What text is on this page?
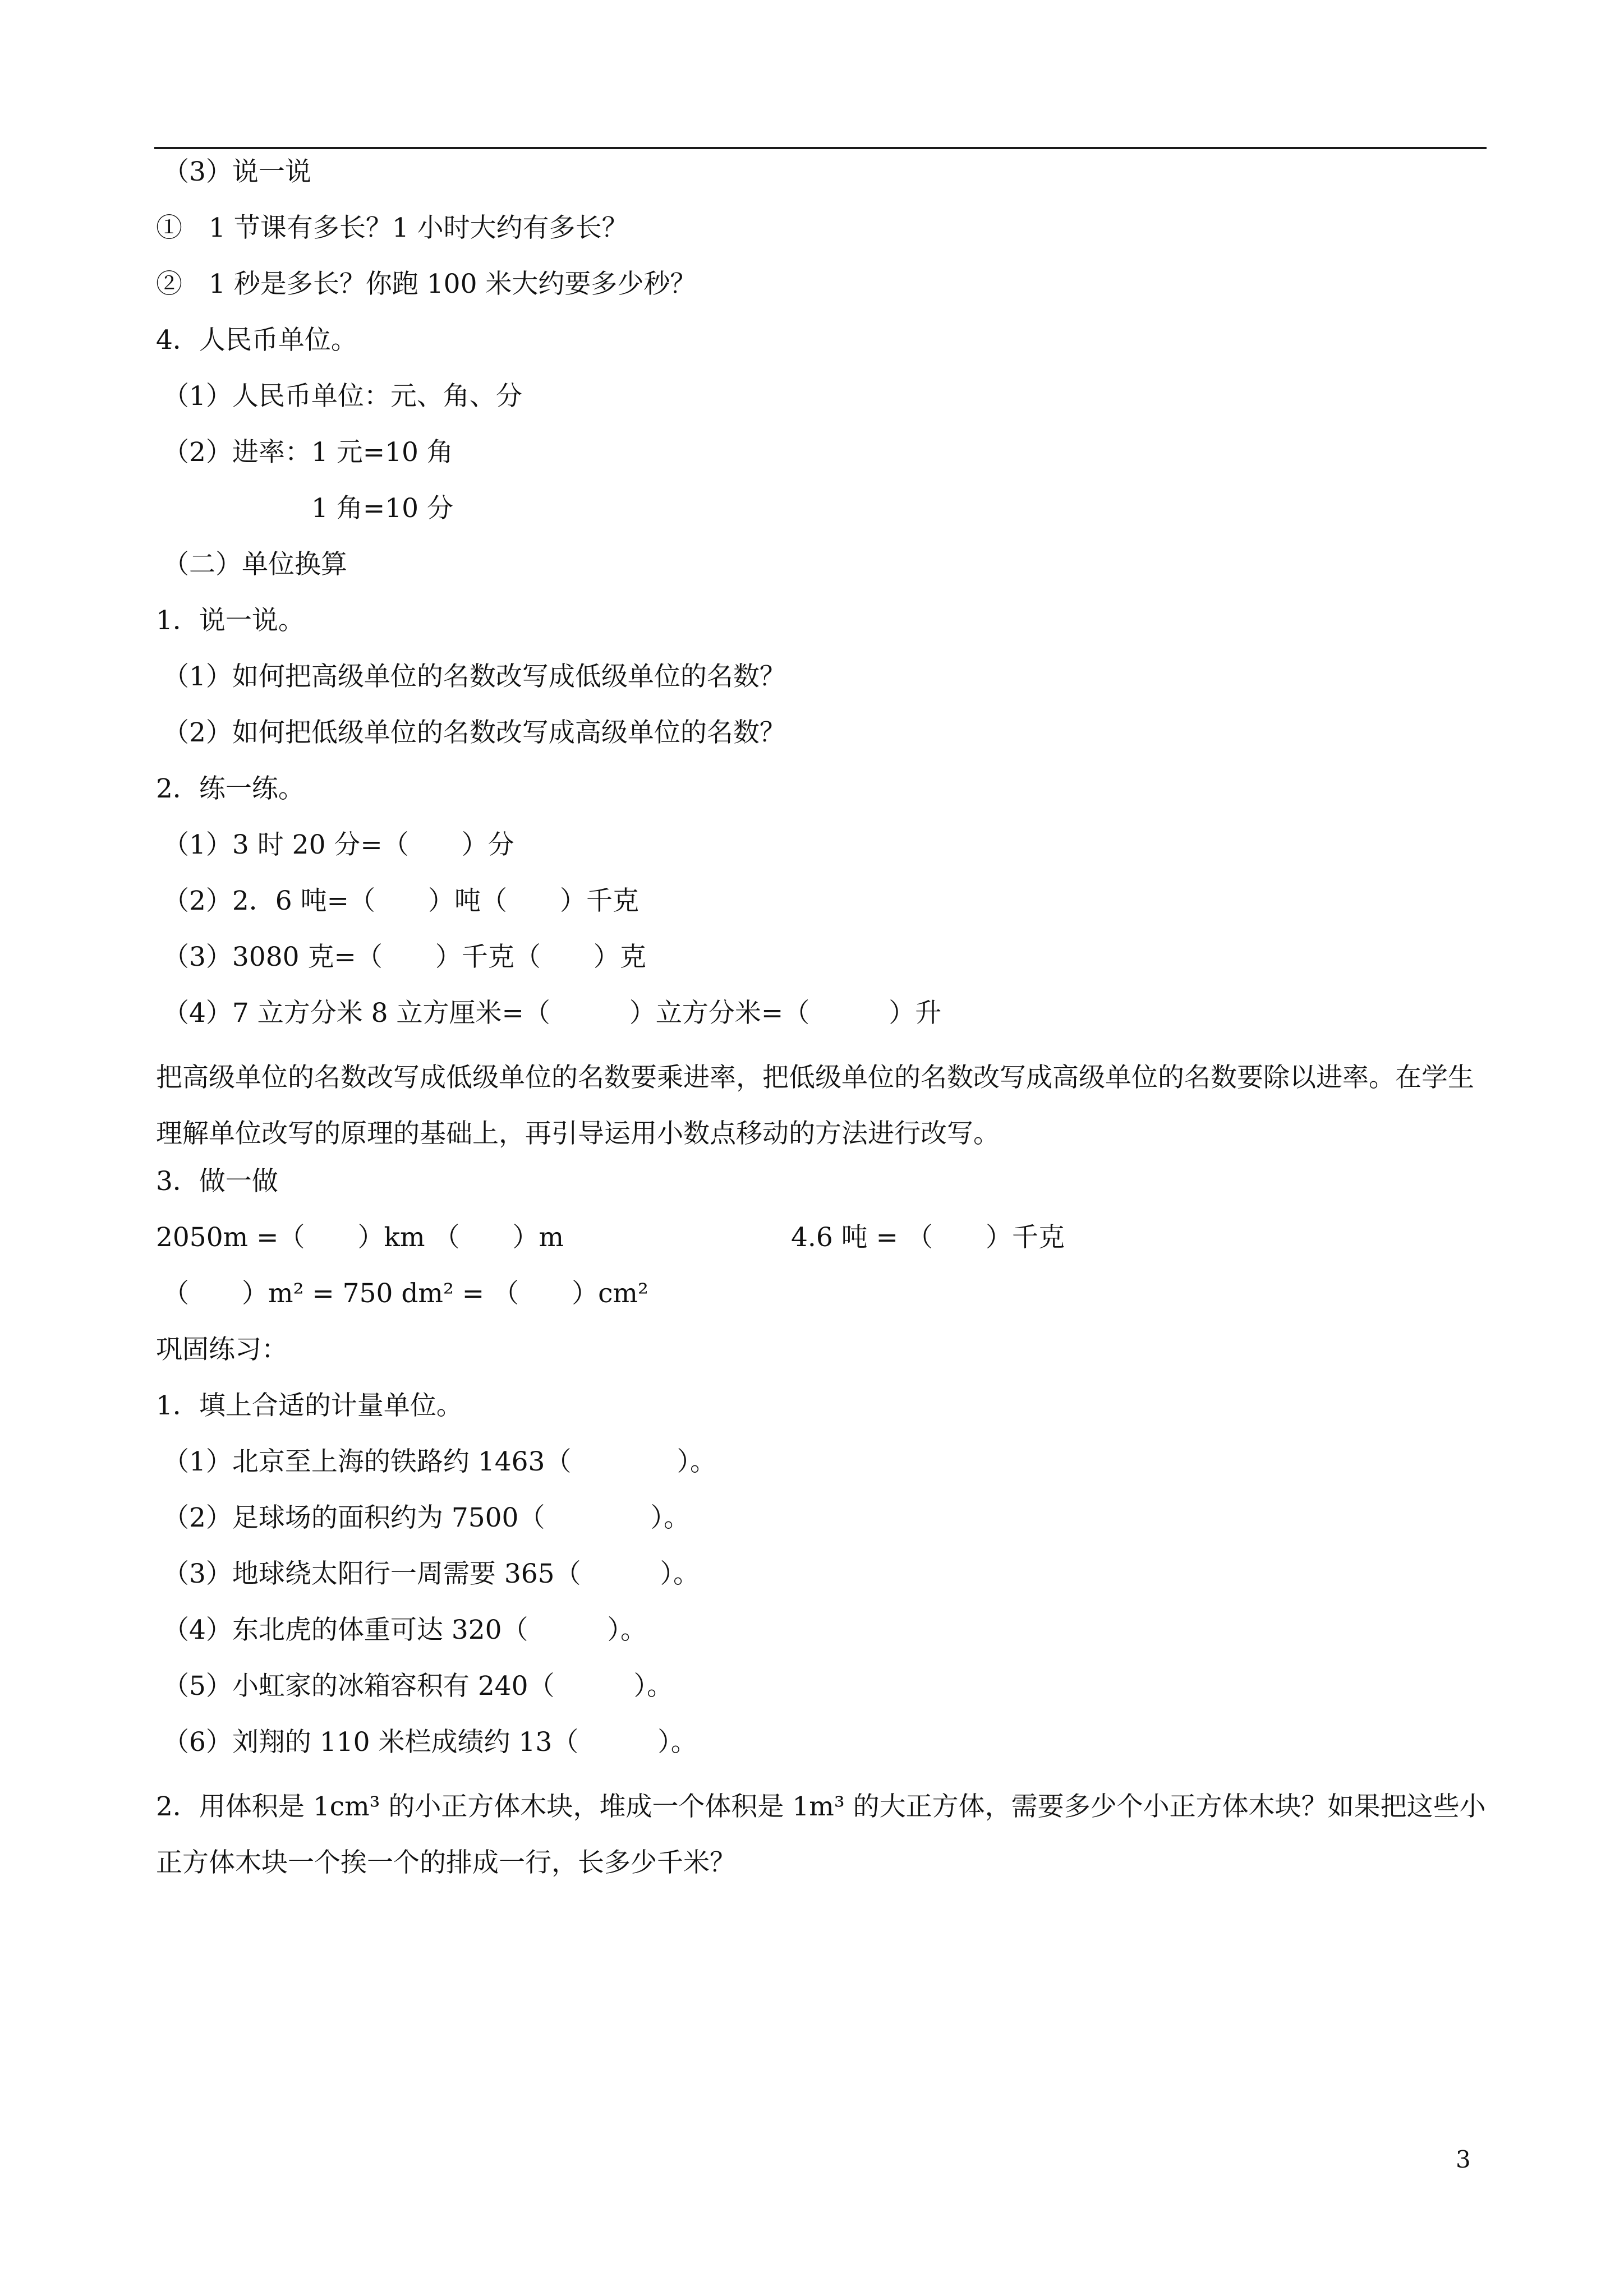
（3）说一说

①　1 节课有多长？1 小时大约有多长？

②　1 秒是多长？你跑 100 米大约要多少秒？

4．人民币单位。

（1）人民币单位：元、角、分

（2）进率：1 元=10 角

1 角=10 分

（二）单位换算

1．说一说。

（1）如何把高级单位的名数改写成低级单位的名数？

（2）如何把低级单位的名数改写成高级单位的名数？

2．练一练。

（1）3 时 20 分=（　　）分

（2）2．6 吨=（　　）吨（　　）千克

（3）3080 克=（　　）千克（　　）克

（4）7 立方分米 8 立方厘米=（　　　）立方分米=（　　　）升

把高级单位的名数改写成低级单位的名数要乘进率，把低级单位的名数改写成高级单位的名数要除以进率。在学生理解单位改写的原理的基础上，再引导运用小数点移动的方法进行改写。

3．做一做

2050m =（　　）km （　　）m	4.6 吨 = （　　）千克

（　　）m² = 750 dm² = （　　）cm²

巩固练习：

1．填上合适的计量单位。

（1）北京至上海的铁路约 1463（　　　　）。

（2）足球场的面积约为 7500（　　　　）。

（3）地球绕太阳行一周需要 365（　　　）。

（4）东北虎的体重可达 320（　　　）。

（5）小虹家的冰箱容积有 240（　　　）。

（6）刘翔的 110 米栏成绩约 13（　　　）。

2．用体积是 1cm³ 的小正方体木块，堆成一个体积是 1m³ 的大正方体，需要多少个小正方体木块？如果把这些小正方体木块一个挨一个的排成一行，长多少千米？

3
